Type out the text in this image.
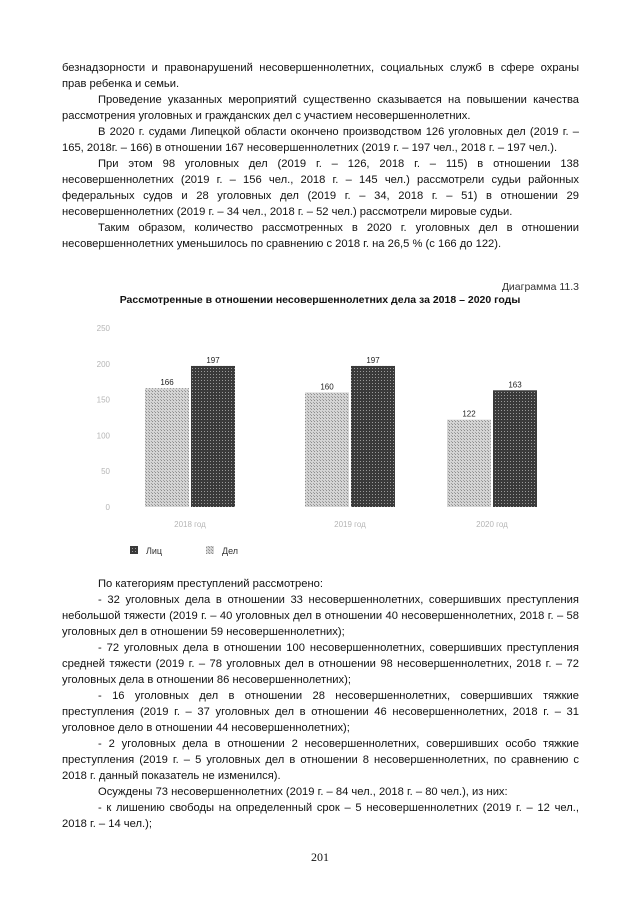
безнадзорности и правонарушений несовершеннолетних, социальных служб в сфере охраны прав ребенка и семьи.

Проведение указанных мероприятий существенно сказывается на повышении качества рассмотрения уголовных и гражданских дел с участием несовершеннолетних.

В 2020 г. судами Липецкой области окончено производством 126 уголовных дел (2019 г. – 165, 2018г. – 166) в отношении 167 несовершеннолетних (2019 г. – 197 чел., 2018 г. – 197 чел.).

При этом 98 уголовных дел (2019 г. – 126, 2018 г. – 115) в отношении 138 несовершеннолетних (2019 г. – 156 чел., 2018 г. – 145 чел.) рассмотрели судьи районных федеральных судов и 28 уголовных дел (2019 г. – 34, 2018 г. – 51) в отношении 29 несовершеннолетних (2019 г. – 34 чел., 2018 г. – 52 чел.) рассмотрели мировые судьи.

Таким образом, количество рассмотренных в 2020 г. уголовных дел в отношении несовершеннолетних уменьшилось по сравнению с 2018 г. на 26,5 % (с 166 до 122).

Диаграмма 11.3
Рассмотренные в отношении несовершеннолетних дела за 2018 – 2020 годы
0
50
100
150
200
250
166
197
160
197
122
163
2018 год	2019 год	2020 год
Лиц	Дел

По категориям преступлений рассмотрено:

- 32 уголовных дела в отношении 33 несовершеннолетних, совершивших преступления небольшой тяжести (2019 г. – 40 уголовных дел в отношении 40 несовершеннолетних, 2018 г. – 58 уголовных дел в отношении 59 несовершеннолетних);

- 72 уголовных дела в отношении 100 несовершеннолетних, совершивших преступления средней тяжести (2019 г. – 78 уголовных дел в отношении 98 несовершеннолетних, 2018 г. – 72 уголовных дела в отношении 86 несовершеннолетних);

- 16 уголовных дел в отношении 28 несовершеннолетних, совершивших тяжкие преступления (2019 г. – 37 уголовных дел в отношении 46 несовершеннолетних, 2018 г. – 31 уголовное дело в отношении 44 несовершеннолетних);

- 2 уголовных дела в отношении 2 несовершеннолетних, совершивших особо тяжкие преступления (2019 г. – 5 уголовных дел в отношении 8 несовершеннолетних, по сравнению с 2018 г. данный показатель не изменился).

Осуждены 73 несовершеннолетних (2019 г. – 84 чел., 2018 г. – 80 чел.), из них:

- к лишению свободы на определенный срок – 5 несовершеннолетних (2019 г. – 12 чел., 2018 г. – 14 чел.);

201
